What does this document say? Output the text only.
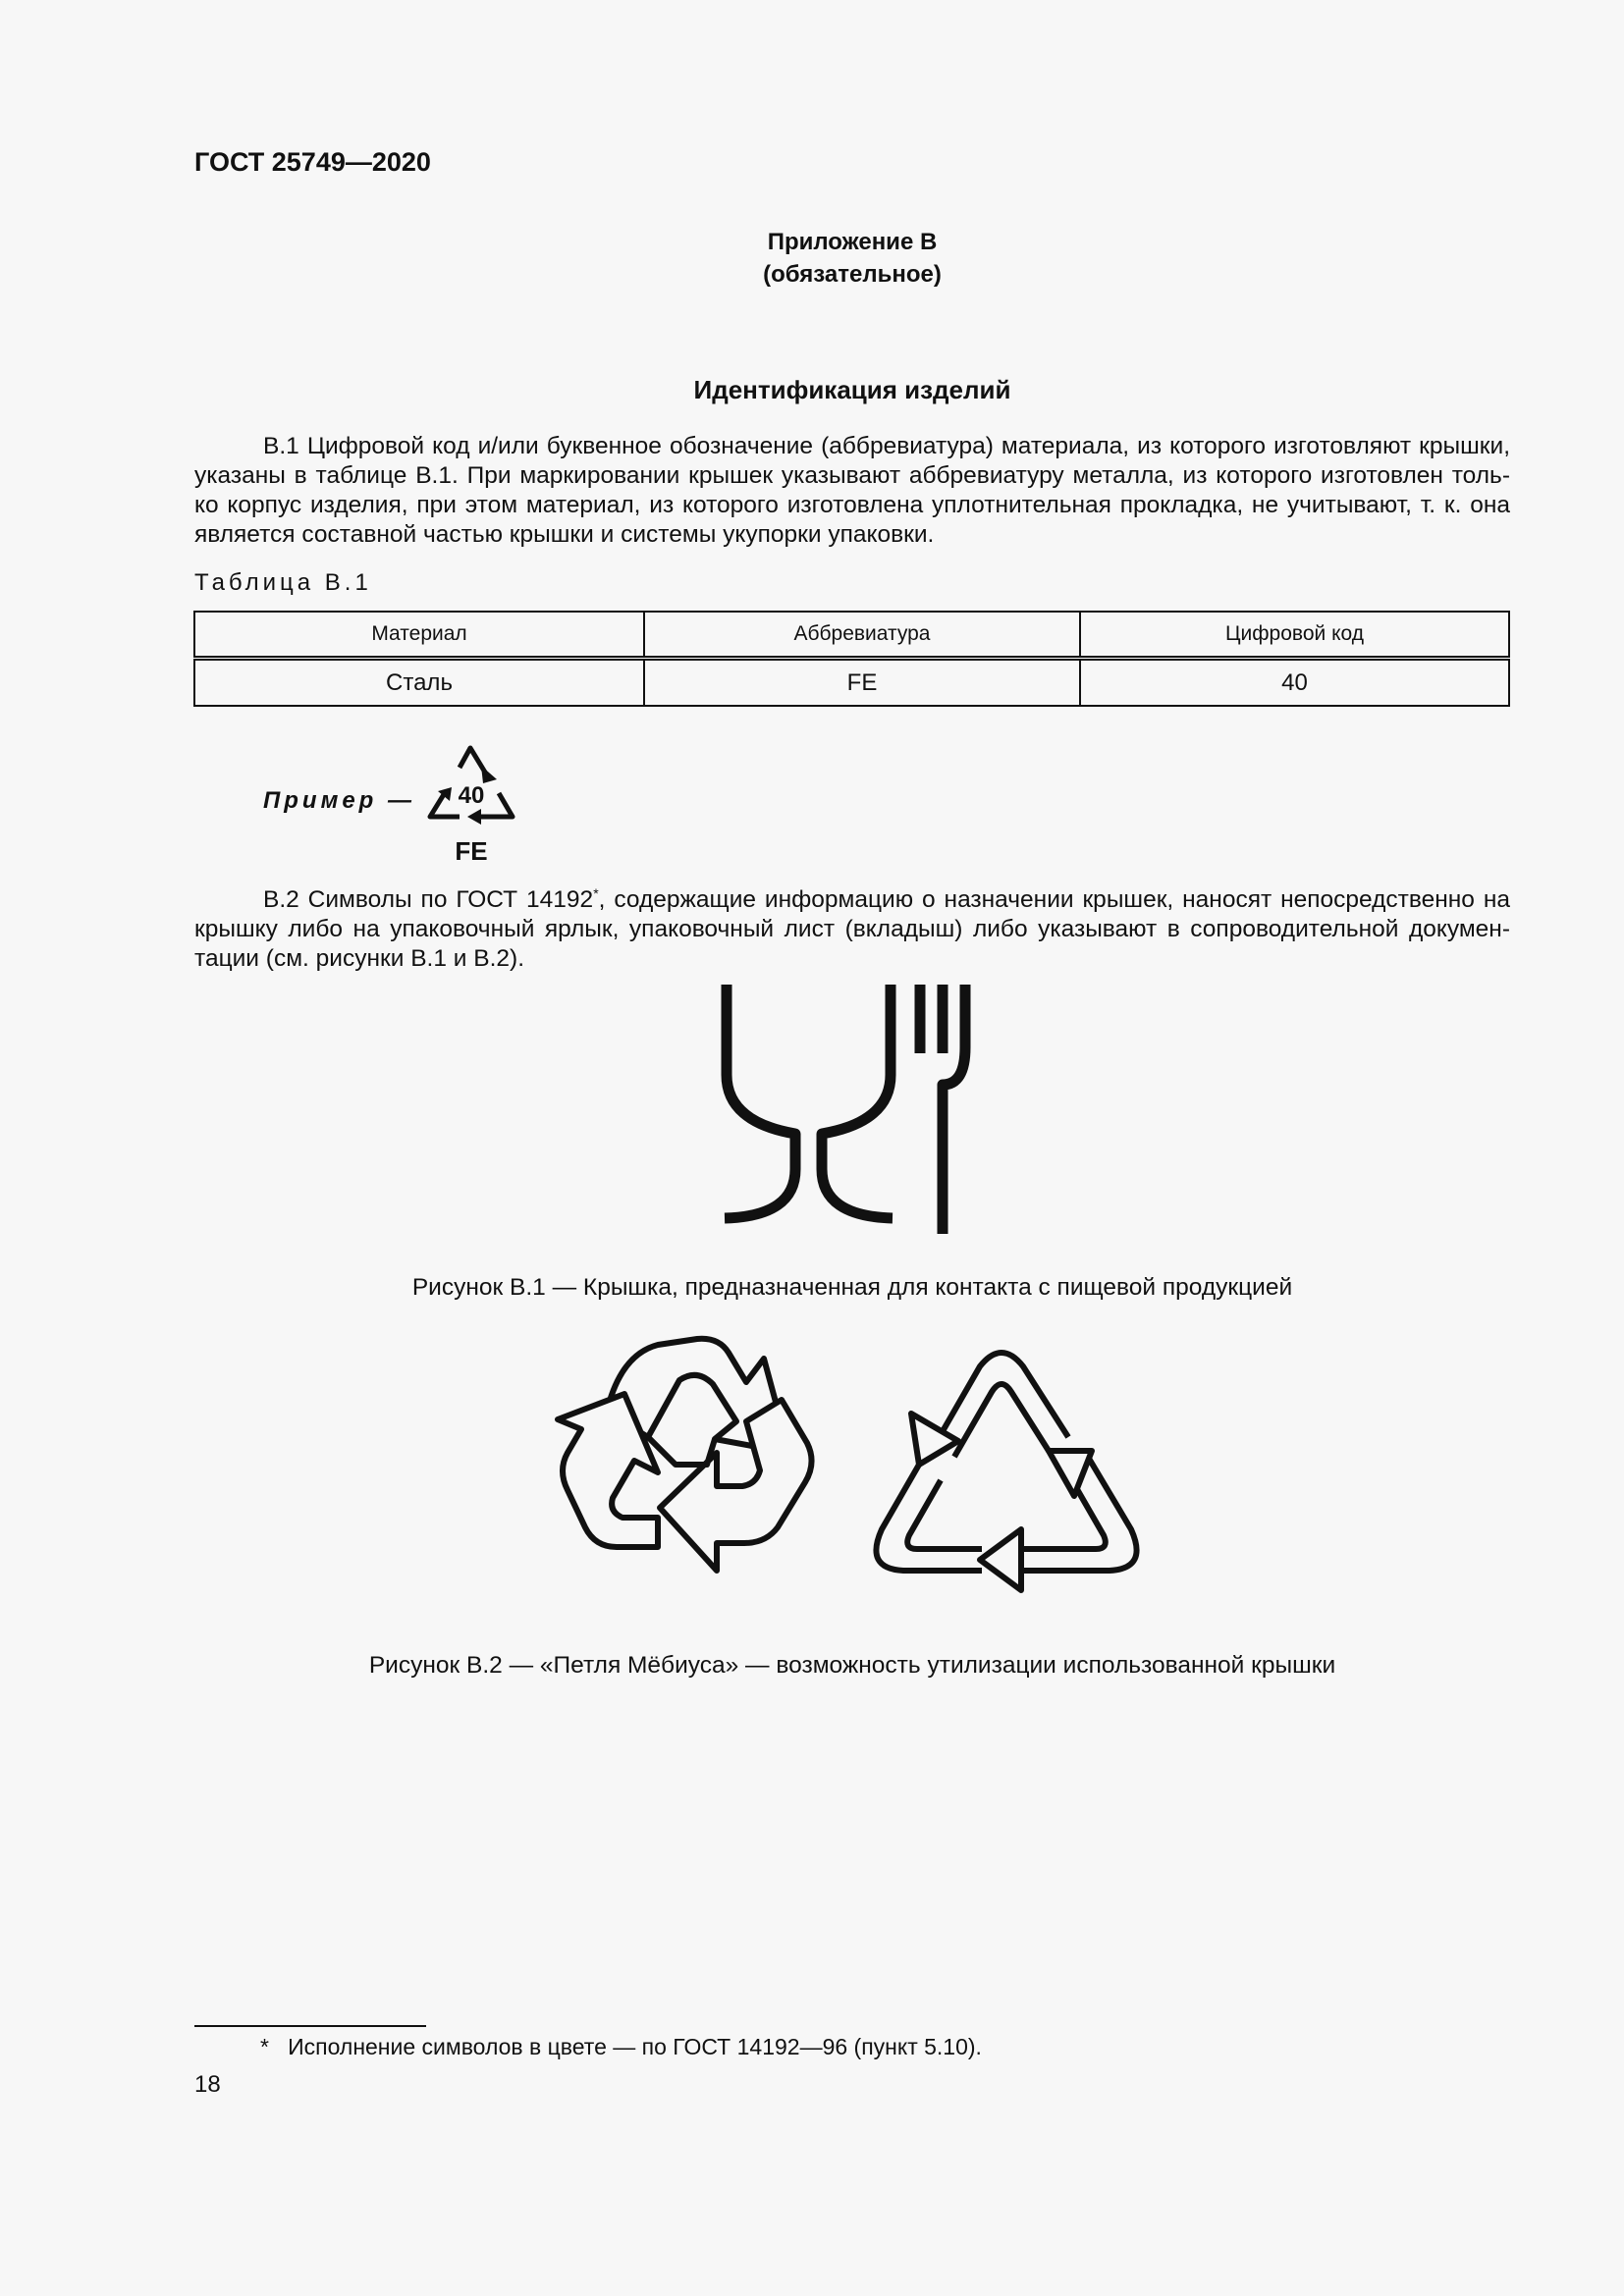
ГОСТ 25749—2020
Приложение В
(обязательное)
Идентификация изделий

В.1 Цифровой код и/или буквенное обозначение (аббревиатура) материала, из которого изготовляют крышки,
указаны в таблице В.1. При маркировании крышек указывают аббревиатуру металла, из которого изготовлен толь-
ко корпус изделия, при этом материал, из которого изготовлена уплотнительная прокладка, не учитывают, т. к. она
является составной частью крышки и системы укупорки упаковки.

Таблица В.1
Материал	Аббревиатура	Цифровой код
Сталь	FE	40
Пример — 40
FE

В.2 Символы по ГОСТ 14192*, содержащие информацию о назначении крышек, наносят непосредственно на
крышку либо на упаковочный ярлык, упаковочный лист (вкладыш) либо указывают в сопроводительной докумен-
тации (см. рисунки В.1 и В.2).

Рисунок В.1 — Крышка, предназначенная для контакта с пищевой продукцией
Рисунок В.2 — «Петля Мёбиуса» — возможность утилизации использованной крышки
* Исполнение символов в цвете — по ГОСТ 14192—96 (пункт 5.10).
18
